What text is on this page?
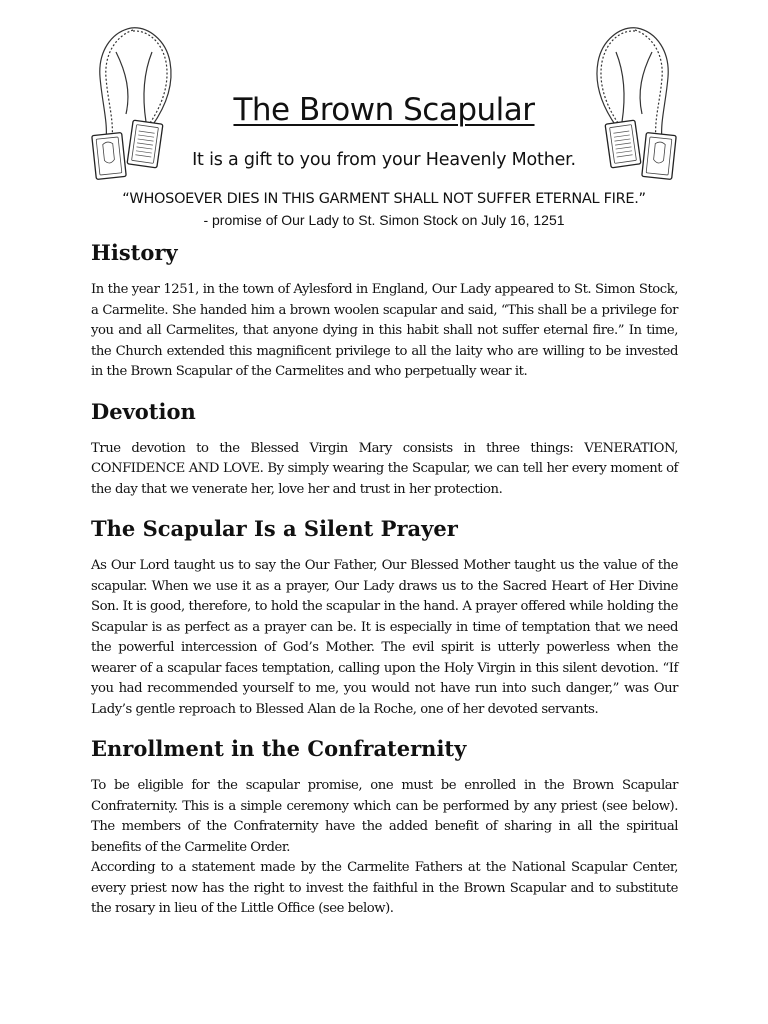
The Brown Scapular
It is a gift to you from your Heavenly Mother.
“WHOSOEVER DIES IN THIS GARMENT SHALL NOT SUFFER ETERNAL FIRE.”
- promise of Our Lady to St. Simon Stock on July 16, 1251
History

In the year 1251, in the town of Aylesford in England, Our Lady appeared to St. Simon Stock, a Carmelite. She handed him a brown woolen scapular and said, “This shall be a privilege for you and all Carmelites, that anyone dying in this habit shall not suffer eternal fire.” In time, the Church extended this magnificent privilege to all the laity who are willing to be invested in the Brown Scapular of the Carmelites and who perpetually wear it.

Devotion

True devotion to the Blessed Virgin Mary consists in three things: VENERATION, CONFIDENCE AND LOVE. By simply wearing the Scapular, we can tell her every moment of the day that we venerate her, love her and trust in her protection.

The Scapular Is a Silent Prayer

As Our Lord taught us to say the Our Father, Our Blessed Mother taught us the value of the scapular. When we use it as a prayer, Our Lady draws us to the Sacred Heart of Her Divine Son. It is good, therefore, to hold the scapular in the hand. A prayer offered while holding the Scapular is as perfect as a prayer can be. It is especially in time of temptation that we need the powerful intercession of God’s Mother. The evil spirit is utterly powerless when the wearer of a scapular faces temptation, calling upon the Holy Virgin in this silent devotion. “If you had recommended yourself to me, you would not have run into such danger,” was Our Lady’s gentle reproach to Blessed Alan de la Roche, one of her devoted servants.

Enrollment in the Confraternity

To be eligible for the scapular promise, one must be enrolled in the Brown Scapular Confraternity. This is a simple ceremony which can be performed by any priest (see below). The members of the Confraternity have the added benefit of sharing in all the spiritual benefits of the Carmelite Order.

According to a statement made by the Carmelite Fathers at the National Scapular Center, every priest now has the right to invest the faithful in the Brown Scapular and to substitute the rosary in lieu of the Little Office (see below).
